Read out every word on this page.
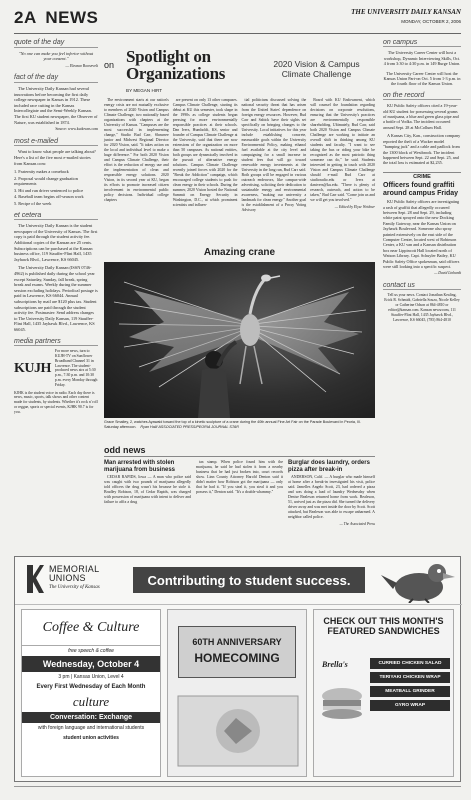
2A NEWS	THE UNIVERSITY DAILY KANSAN
MONDAY, OCTOBER 2, 2006
quote of the day
"No one can make you feel inferior without your consent."
— Eleanor Roosevelt
fact of the day
The University Daily Kansan had several innovations before becoming the first daily college newspaper in Kansas in 1912. These included race cutting in the Kansas Intercollegiate and the Semi-Weekly Kansan. The first KU student newspaper, the Observer of Nature, was established in 1874.
Source: www.kudowns.com
most e-mailed
Want to know what people are talking about? Here's a list of the five most e-mailed stories from Kansan.com:
1. Fraternity makes a comeback
2. Proposal would change graduation requirements
3. Hit and run driver sentenced to police
4. Baseball team begins off-season work
5. Recipe of the week
et cetera
The University Daily Kansan is the student newspaper of the University of Kansas. The first copy is paid through the student activity fee. Additional copies of the Kansan are 25 cents. Subscriptions can be purchased at the Kansan business office, 119 Stauffer-Flint Hall, 1435 Jayhawk Blvd., Lawrence, KS 66045.
The University Daily Kansan (ISSN 0746-4962) is published daily during the school year except Saturday, Sunday, fall break, spring break and exams. Weekly during the summer session excluding holidays. Periodical postage is paid in Lawrence, KS 66044. Annual subscriptions by mail are $120 plus tax. Student subscriptions are paid through the student activity fee. Postmaster: Send address changes to The University Daily Kansan, 119 Stauffer-Flint Hall, 1435 Jayhawk Blvd., Lawrence, KS 66045.
media partners
KUJH
For more news, turn to KUJH-TV on Sunflower Broadband Channel 31 in Lawrence. The student-produced news airs at 5:30 p.m., 7:30 p.m. and 10:30 p.m. every Monday through Friday.
KJHK is the student voice in radio. Each day there is news, music, sports, talk shows and other content made for students, by students. Whether it's rock n' roll or reggae, sports or special events, KJHK 90.7 is for you.
on Spotlight on Organizations
BY MEGAN HIRT
2020 Vision & Campus Climate Challenge

The environment starts at our nation's energy crisis are not mutually exclusive to members of 2020 Vision and Campus Climate Challenge, two nationally based organizations with chapters at the University of Kansas. "Campuses are the most successful in implementing change," Studio Bud Carr, Shawnee junior and Midwest Regional Director for 2020 Vision, said. "It takes action on the local and individual level to make a huge difference." For both 2020 Vision and Campus Climate Challenge, their effort is the reduction of energy use and the implementation of clean and responsible energy solutions. 2020 Vision, in its second year at KU, began its efforts to promote increased citizen involvement in environmental public policy decisions. Individual college chapters

are present on only 13 other campuses. Campus Climate Challenge, starting its debut at KU this semester, took shape in the 1990s as college students began pressing for more environmentally responsible practices at their schools. Dan Ivers, Humboldt, KS, senior and founder of Campus Climate Challenge at the University, said that there are now extensions of the organization on more than 50 campuses. As national entities, both groups are dynamically involved in the pursuit of alternative energy solutions. Campus Climate Challenge recently joined forces with 2020 for the "Break the Addiction" campaign, which encouraged college students to push for clean energy in their schools. During the summer, 2020 Vision hosted the National Summit on Energy Security in Washington, D.C., at which prominent scientists and influen-

tial politicians discussed solving the national security threat that has arisen from the United States' dependence on foreign energy resources. However, Bud Carr and Sabick have their sights set specifically on bringing changes to the University. Local initiatives for this year include establishing concrete, measurable goals within the University Environmental Policy, making ethanol fuel available at the city level and campaigning for a small increase in student fees that will go toward renewable energy investments at the University in the long run, Bud Carr said. Both groups will be engaged in various outreach endeavors, like campus-wide advertising, soliciting their dedication to sustainable energy and environmental awareness, "making our university a landmark for clean energy." Another goal is the establishment of a Proxy Voting Advisory

Board with KU Endowment, which will counsel the foundation regarding decisions on corporate resolutions, ensuring that the University's practices are environmentally responsible shareholding. Ultimately, Bud Carr, said both 2020 Vision and Campus Climate Challenge are working to initiate an overall shift in thinking among KU students and faculty. "I want to see taking the bus or riding your bike be recognized as the most patriotic thing someone can do," he said. Students interested in getting in touch with 2020 Vision and Campus Climate Challenge should e-mail Bud Carr at studioradio.edu or Ivers at danivers@ku.edu. "There is plenty of research, outreach, and action to be taken," Bud Carr said. "Come join us and we will get you involved."

— Edited by Elyse Weidner
Amazing crane
Grace Smalley, 2, watches Ayawaid toward the top of a kinetic sculpture of a crane during the 40th annual Fine Art Fair on the Parade Boulevard in Peoria, Ill. Saturday afternoon. Ryan Hall/ ASSOCIATED PRESS/PEORIA JOURNAL STAR
odd news
Man arrested with stolen marijuana from business

CEDAR RAPIDS, Iowa — A man who police said was caught with two pounds of marijuana allegedly told officers the drug wasn't his because he stole it. Bradley Robison, 18, of Cedar Rapids, was charged with possession of marijuana with intent to deliver and failure to affix a drug

tax stamp. When police found him with the marijuana, he said he had stolen it from a nearby business that he had just broken into, court records show. Linn County Attorney Harold Denton said it didn't matter how Robison got the marijuana — only that he had it. "If you steal it, you steal it and you possess it," Denton said. "It's a double whammy."

Burglar does laundry, orders pizza after break-in

ANDERSON, Calif. — A burglar who made himself at home after a break-in investigated his visit, police said. Jamelles Angelo Scott, 23, had ordered a pizza and was doing a load of laundry Wednesday when Denise Bealeson returned home from work. Bealeson, 51, arrived just as the pizza did. She turned the delivery driver away and was met inside the door by Scott. Scott attacked, but Bealeson was able to escape unharmed. A neighbor called police.

— The Associated Press
on campus
The University Career Center will host a workshop, Dynamic Interviewing Skills, Oct. 4 from 3:30 to 4:30 p.m. in 149 Burge Union.
The University Career Center will host the Kansas Union Part-on Oct. 5 from 1-3 p.m. in the fourth floor of the Kansas Union.
on the record
KU Public Safety officers cited a 19-year-old KU student for possessing several grams of marijuana, a blue and green glass pipe and a bottle of Vodka. The incident occurred around Sept. 28 at McCollum Hall.
A Kansas City, Kan., construction company reported the theft of a Wacker model "bumping jack" and a cable and padlock from the 1300 block of Westbrook. The incident happened between Sept. 22 and Sept. 25, and the total loss is estimated at $2,235.
CRIME
Officers found graffiti around campus Friday
KU Public Safety officers are investigating a rash of graffiti that allegedly occurred between Sept. 28 and Sept. 29, including white paint sprayed onto the new Docking Family Gateway, near the Kansas Union on Jayhawk Boulevard. Someone also spray painted extensively on the east side of the Computer Center, located west of Robinson Center, a KU van and a Kansan distribution box near Lippincott Hall located north of Watson Library. Capt. Schuyler Bailey, KU Public Safety Office spokesman, said officers were still looking into a specific suspect.
— David Linhardt
contact us
Tell us your news. Contact Jonathan Kealing, Erick R. Schmidt, Gabriella Souza, Nicole Kelley or Catherine Odson at 864-4810 or editor@kansan.com. Kansan newsroom, 111 Stauffer-Flint Hall, 1435 Jayhawk Blvd., Lawrence, KS 66045, (785) 864-4810
MEMORIAL
UNIONS
The University of Kansas	Contributing to student success.
Coffee & Culture
free speech & coffee
Wednesday, October 4
3 pm | Kansas Union, Level 4
Every First Wednesday of Each Month
culture
Conversation: Exchange
with foreign language and international students
student union activities
60TH ANNIVERSARY
HOMECOMING
CHECK OUT THIS MONTH'S FEATURED SANDWICHES
Brella's	CURRIED CHICKEN SALAD
TERIYAKI CHICKEN WRAP
MEATBALL GRINDER
GYRO WRAP
